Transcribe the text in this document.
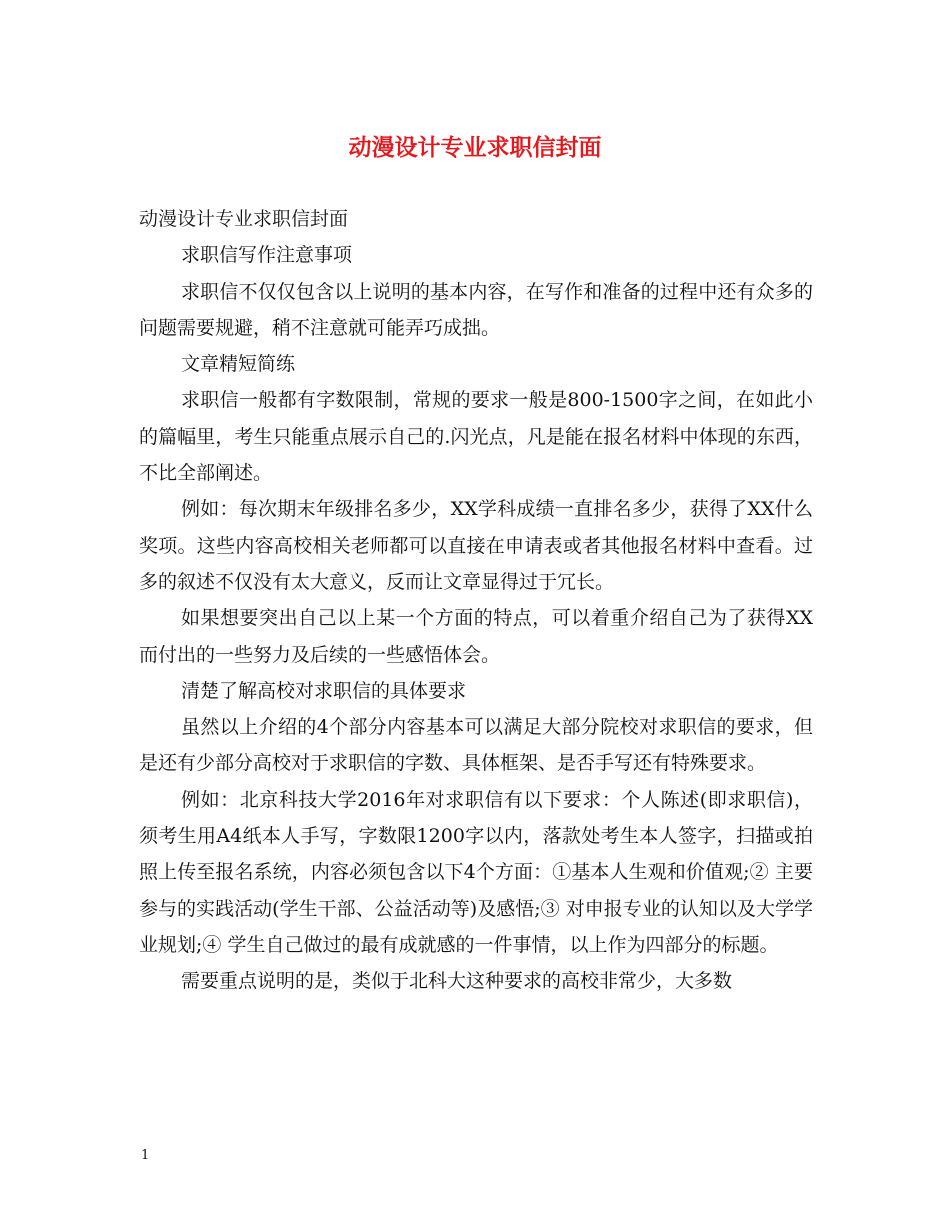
动漫设计专业求职信封面

动漫设计专业求职信封面

求职信写作注意事项

求职信不仅仅包含以上说明的基本内容，在写作和准备的过程中还有众多的问题需要规避，稍不注意就可能弄巧成拙。

文章精短简练

求职信一般都有字数限制，常规的要求一般是800-1500字之间，在如此小的篇幅里，考生只能重点展示自己的.闪光点，凡是能在报名材料中体现的东西，不比全部阐述。

例如：每次期末年级排名多少，XX学科成绩一直排名多少，获得了XX什么奖项。这些内容高校相关老师都可以直接在申请表或者其他报名材料中查看。过多的叙述不仅没有太大意义，反而让文章显得过于冗长。

如果想要突出自己以上某一个方面的特点，可以着重介绍自己为了获得XX而付出的一些努力及后续的一些感悟体会。

清楚了解高校对求职信的具体要求

虽然以上介绍的4个部分内容基本可以满足大部分院校对求职信的要求，但是还有少部分高校对于求职信的字数、具体框架、是否手写还有特殊要求。

例如：北京科技大学2016年对求职信有以下要求：个人陈述(即求职信)，须考生用A4纸本人手写，字数限1200字以内，落款处考生本人签字，扫描或拍照上传至报名系统，内容必须包含以下4个方面：①基本人生观和价值观;② 主要参与的实践活动(学生干部、公益活动等)及感悟;③ 对申报专业的认知以及大学学业规划;④ 学生自己做过的最有成就感的一件事情，以上作为四部分的标题。

需要重点说明的是，类似于北科大这种要求的高校非常少，大多数

1
